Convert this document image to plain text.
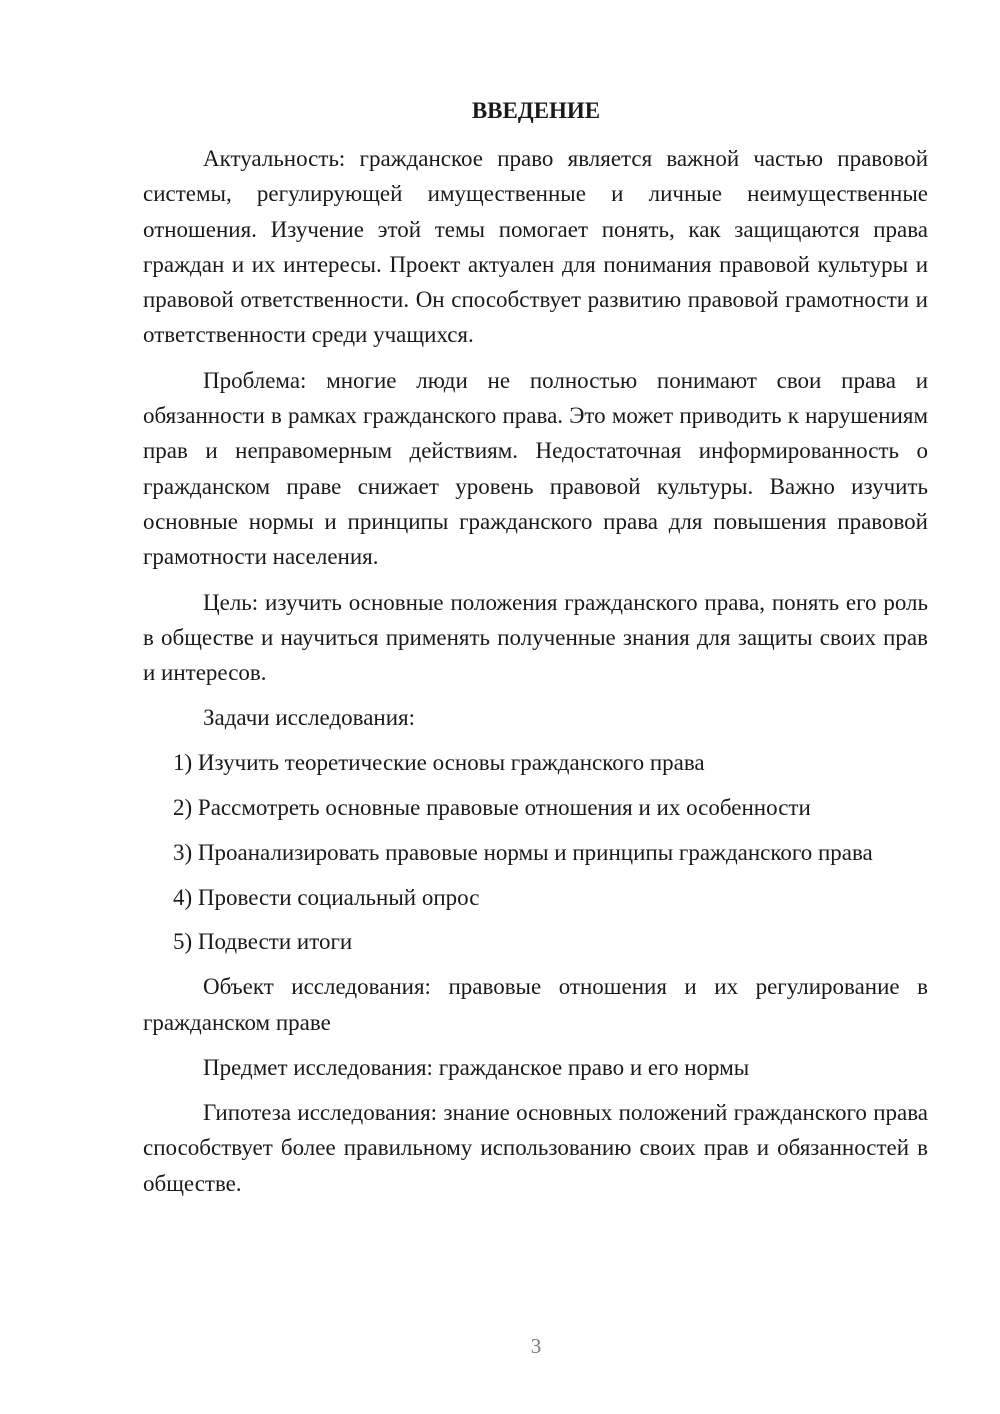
ВВЕДЕНИЕ

Актуальность: гражданское право является важной частью правовой системы, регулирующей имущественные и личные неимущественные отношения. Изучение этой темы помогает понять, как защищаются права граждан и их интересы. Проект актуален для понимания правовой культуры и правовой ответственности. Он способствует развитию правовой грамотности и ответственности среди учащихся.

Проблема: многие люди не полностью понимают свои права и обязанности в рамках гражданского права. Это может приводить к нарушениям прав и неправомерным действиям. Недостаточная информированность о гражданском праве снижает уровень правовой культуры. Важно изучить основные нормы и принципы гражданского права для повышения правовой грамотности населения.

Цель: изучить основные положения гражданского права, понять его роль в обществе и научиться применять полученные знания для защиты своих прав и интересов.

Задачи исследования:

1) Изучить теоретические основы гражданского права

2) Рассмотреть основные правовые отношения и их особенности

3) Проанализировать правовые нормы и принципы гражданского права

4) Провести социальный опрос

5) Подвести итоги

Объект исследования: правовые отношения и их регулирование в гражданском праве

Предмет исследования: гражданское право и его нормы

Гипотеза исследования: знание основных положений гражданского права способствует более правильному использованию своих прав и обязанностей в обществе.

3
